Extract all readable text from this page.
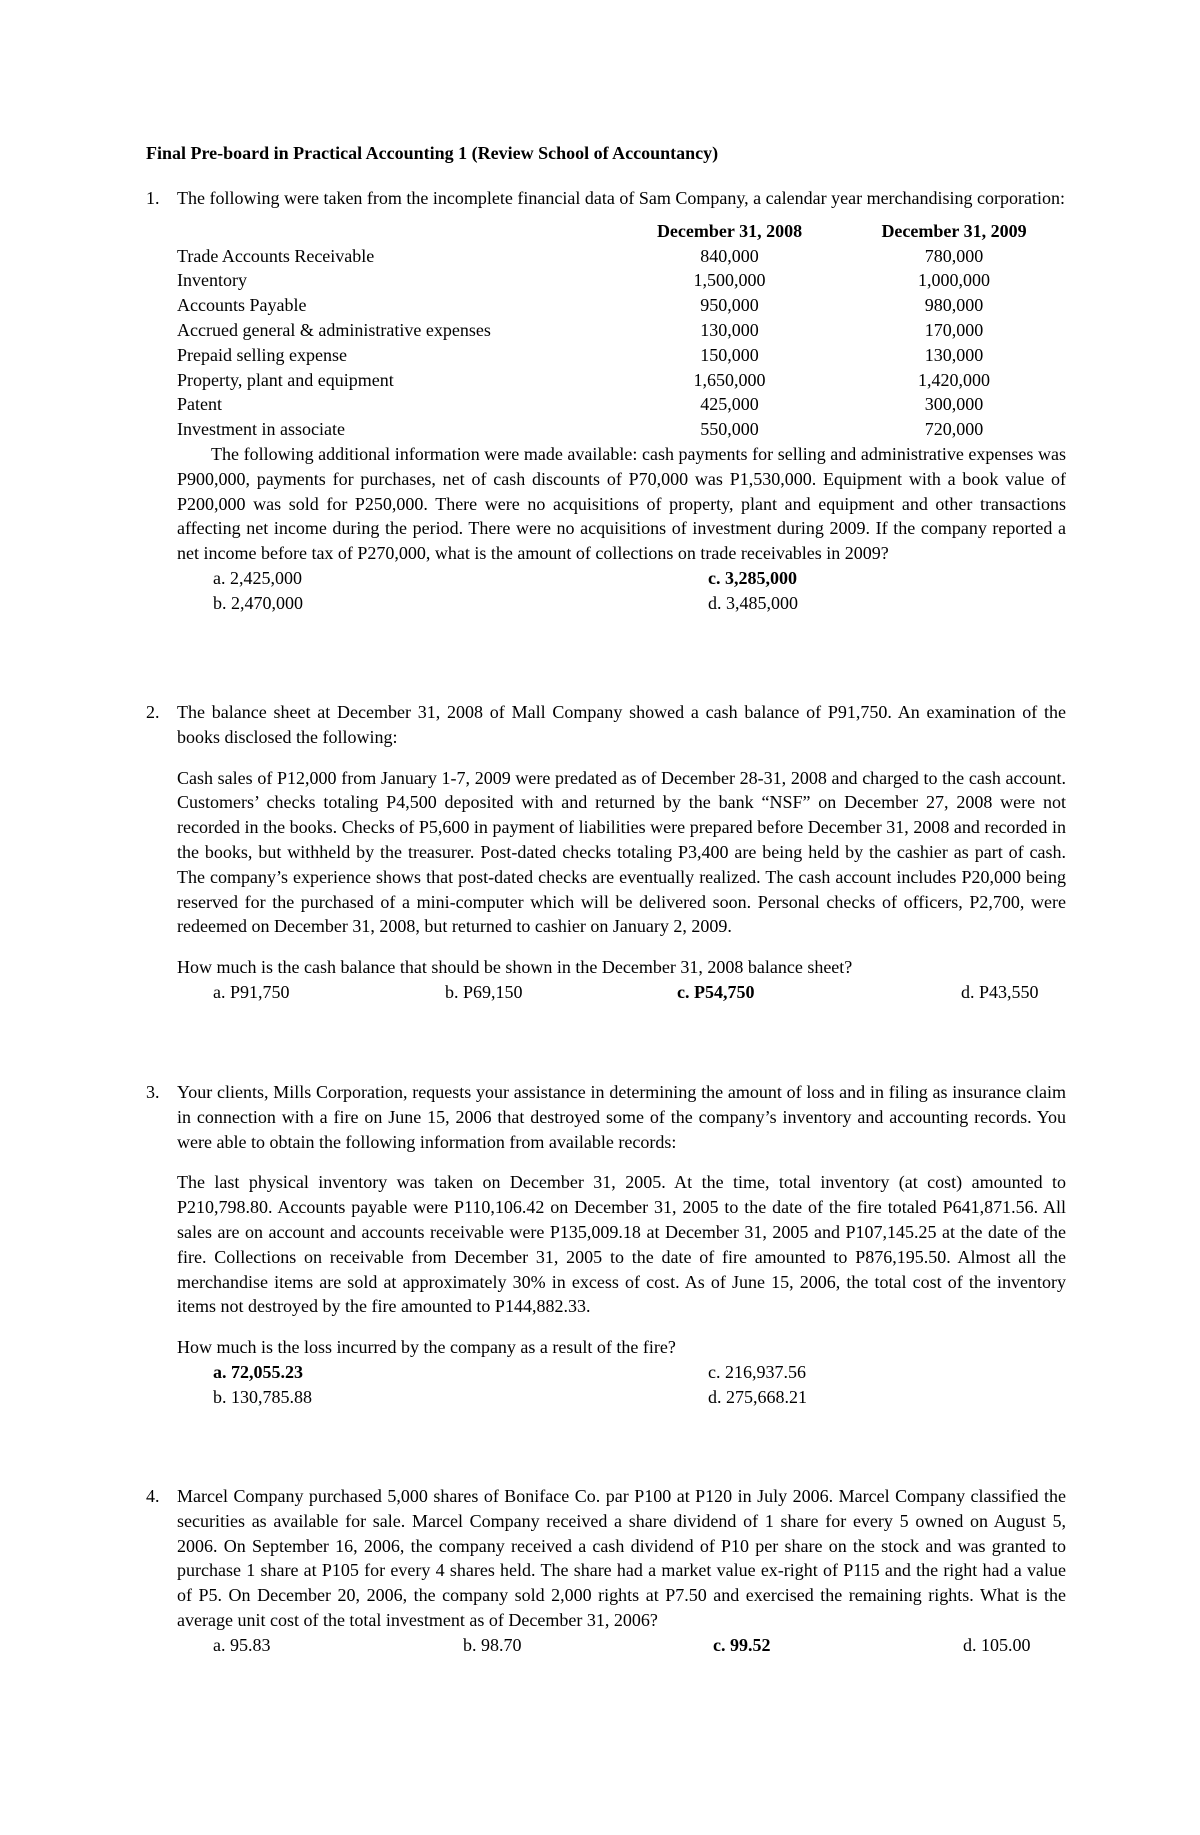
Final Pre-board in Practical Accounting 1 (Review School of Accountancy)
1. The following were taken from the incomplete financial data of Sam Company, a calendar year merchandising corporation:

	December 31, 2008	December 31, 2009
Trade Accounts Receivable	840,000	780,000
Inventory	1,500,000	1,000,000
Accounts Payable	950,000	980,000
Accrued general & administrative expenses	130,000	170,000
Prepaid selling expense	150,000	130,000
Property, plant and equipment	1,650,000	1,420,000
Patent	425,000	300,000
Investment in associate	550,000	720,000

The following additional information were made available: cash payments for selling and administrative expenses was P900,000, payments for purchases, net of cash discounts of P70,000 was P1,530,000. Equipment with a book value of P200,000 was sold for P250,000. There were no acquisitions of property, plant and equipment and other transactions affecting net income during the period. There were no acquisitions of investment during 2009. If the company reported a net income before tax of P270,000, what is the amount of collections on trade receivables in 2009?

a. 2,425,000	c. 3,285,000
b. 2,470,000	d. 3,485,000
2. The balance sheet at December 31, 2008 of Mall Company showed a cash balance of P91,750. An examination of the books disclosed the following:

Cash sales of P12,000 from January 1-7, 2009 were predated as of December 28-31, 2008 and charged to the cash account. Customers’ checks totaling P4,500 deposited with and returned by the bank “NSF” on December 27, 2008 were not recorded in the books. Checks of P5,600 in payment of liabilities were prepared before December 31, 2008 and recorded in the books, but withheld by the treasurer. Post-dated checks totaling P3,400 are being held by the cashier as part of cash. The company’s experience shows that post-dated checks are eventually realized. The cash account includes P20,000 being reserved for the purchased of a mini-computer which will be delivered soon. Personal checks of officers, P2,700, were redeemed on December 31, 2008, but returned to cashier on January 2, 2009.

How much is the cash balance that should be shown in the December 31, 2008 balance sheet?

a. P91,750	b. P69,150	c. P54,750	d. P43,550
3. Your clients, Mills Corporation, requests your assistance in determining the amount of loss and in filing as insurance claim in connection with a fire on June 15, 2006 that destroyed some of the company’s inventory and accounting records. You were able to obtain the following information from available records:

The last physical inventory was taken on December 31, 2005. At the time, total inventory (at cost) amounted to P210,798.80. Accounts payable were P110,106.42 on December 31, 2005 to the date of the fire totaled P641,871.56. All sales are on account and accounts receivable were P135,009.18 at December 31, 2005 and P107,145.25 at the date of the fire. Collections on receivable from December 31, 2005 to the date of fire amounted to P876,195.50. Almost all the merchandise items are sold at approximately 30% in excess of cost. As of June 15, 2006, the total cost of the inventory items not destroyed by the fire amounted to P144,882.33.

How much is the loss incurred by the company as a result of the fire?

a. 72,055.23	c. 216,937.56
b. 130,785.88	d. 275,668.21
4. Marcel Company purchased 5,000 shares of Boniface Co. par P100 at P120 in July 2006. Marcel Company classified the securities as available for sale. Marcel Company received a share dividend of 1 share for every 5 owned on August 5, 2006. On September 16, 2006, the company received a cash dividend of P10 per share on the stock and was granted to purchase 1 share at P105 for every 4 shares held. The share had a market value ex-right of P115 and the right had a value of P5. On December 20, 2006, the company sold 2,000 rights at P7.50 and exercised the remaining rights. What is the average unit cost of the total investment as of December 31, 2006?

a. 95.83	b. 98.70	c. 99.52	d. 105.00
